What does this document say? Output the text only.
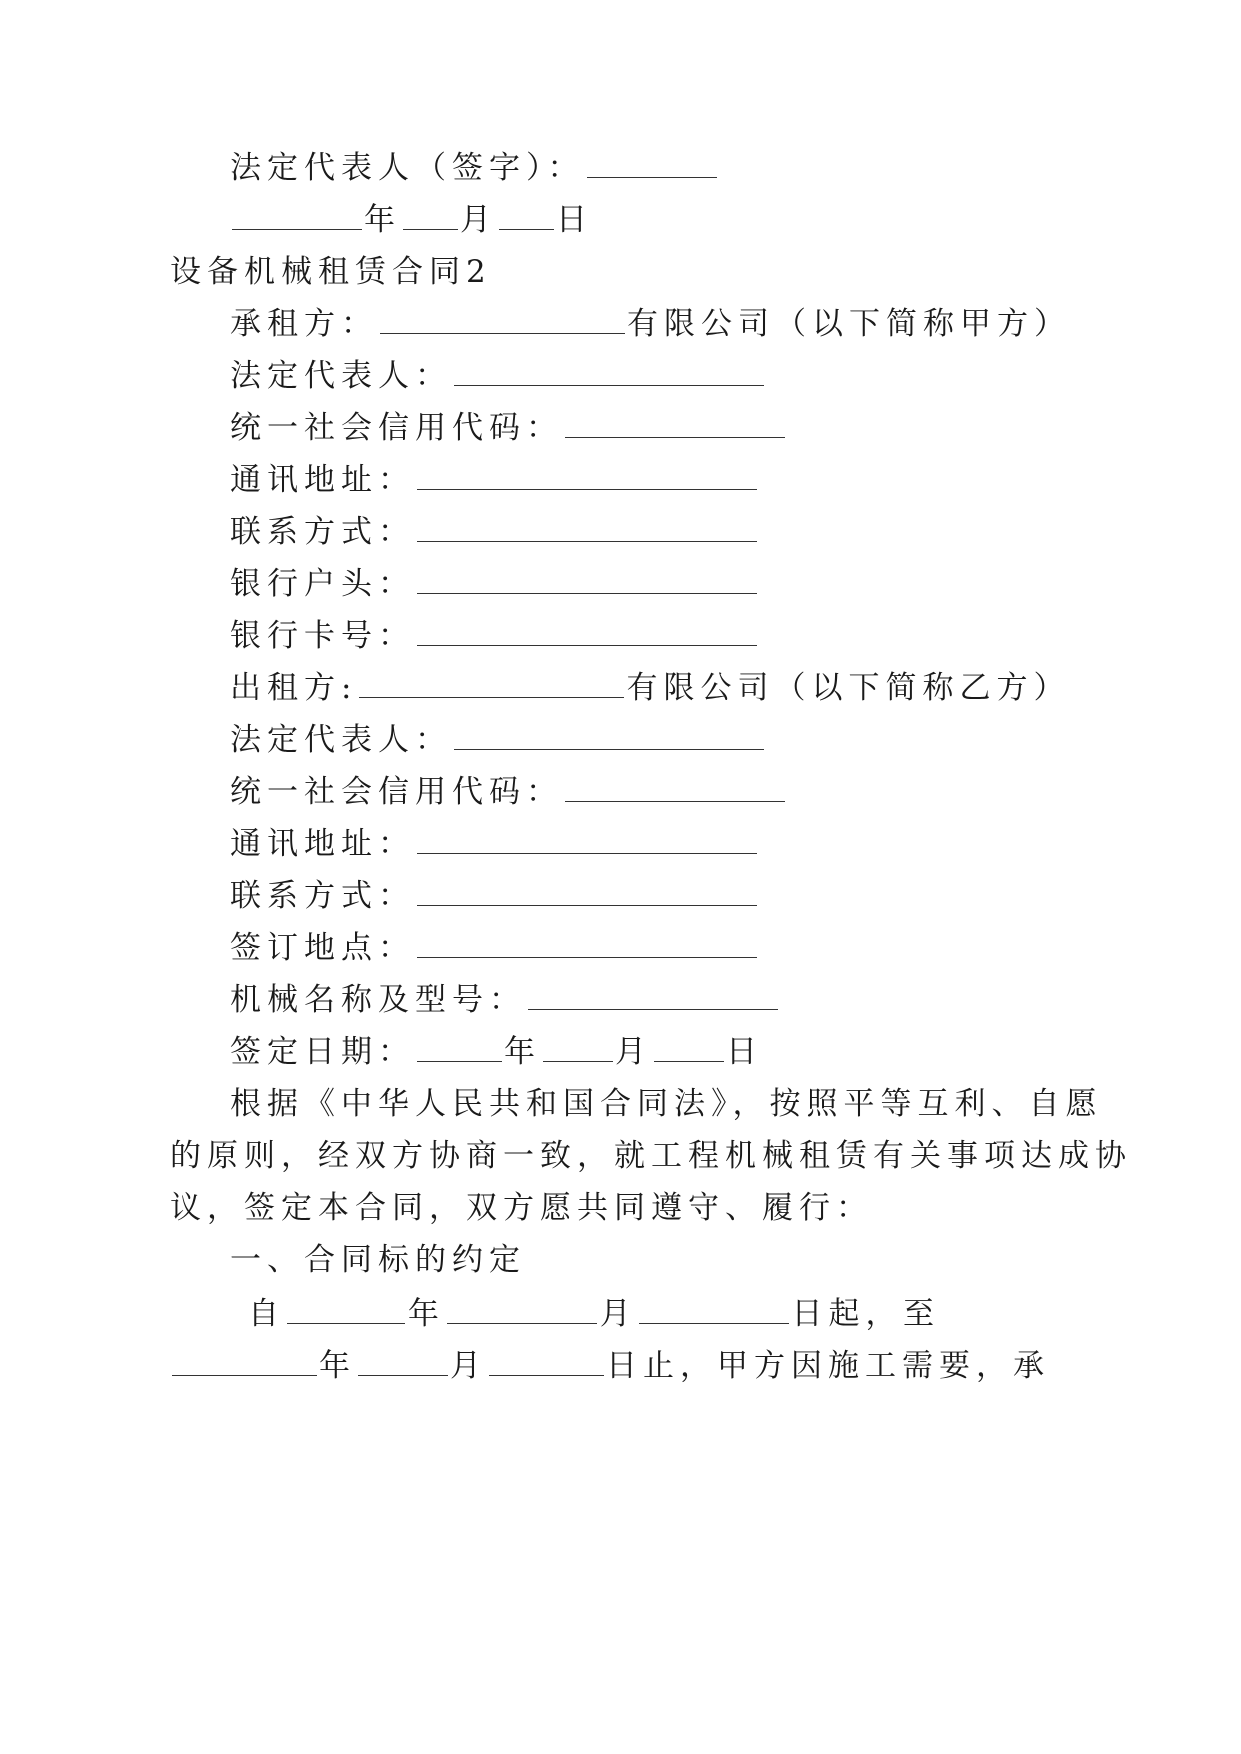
法定代表人（签字）：
年 月 日
设备机械租赁合同2
承租方：	有限公司（以下简称甲方）
法定代表人：
统一社会信用代码：
通讯地址：
联系方式：
银行户头：
银行卡号：
出租方:	有限公司（以下简称乙方）
法定代表人：
统一社会信用代码：
通讯地址：
联系方式：
签订地点：
机械名称及型号：
签定日期：	年 月 日
根据《中华人民共和国合同法》，按照平等互利、自愿
的原则，经双方协商一致，就工程机械租赁有关事项达成协
议，签定本合同，双方愿共同遵守、履行：
一、合同标的约定
自	年	月	日起， 至
年	月	日止，甲方因施工需要，承
